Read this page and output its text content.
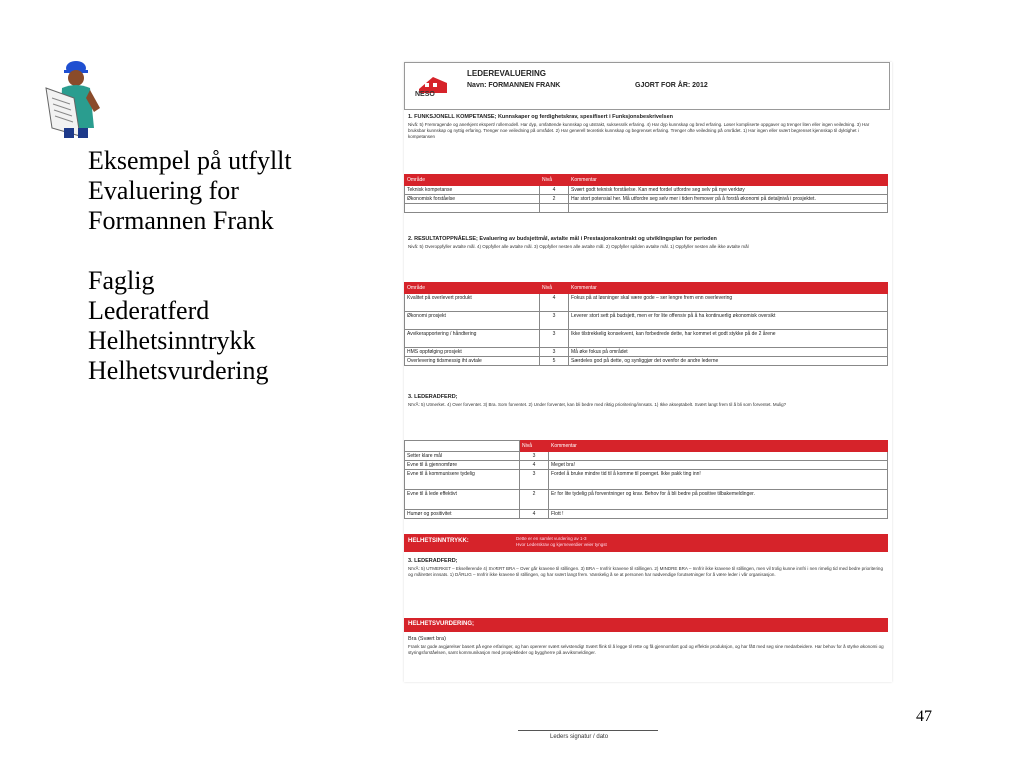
Eksempel på utfyllt
Evaluering for
Formannen Frank
Faglig
Lederatferd
Helhetsinntrykk
Helhetsvurdering
NESO
LEDEREVALUERING
Navn: FORMANNEN FRANK	GJORT FOR ÅR: 2012
1. FUNKSJONELL KOMPETANSE; Kunnskaper og ferdighetskrav, spesifisert i Funksjonsbeskrivelsen
Nivå: 5) Fremragende og anerkjent ekspert/ rollemodell. Har dyp, omfattende kunnskap og utstrakt, suksessrik erfaring. 4) Har dyp kunnskap og bred erfaring. Løser kompliserte oppgaver og trenger liten eller ingen veiledning. 3) Har bruksbar kunnskap og nyttig erfaring. Trenger noe veiledning på området. 2) Har generell teoretisk kunnskap og begrenset erfaring. Trenger ofte veiledning på området. 1) Har ingen eller svært begrenset kjennskap til dyktighet i kompetansen
Område	Nivå	Kommentar
Teknisk kompetanse	4	Svært godt teknisk forståelse. Kan med fordel utfordre seg selv på nye verktøy
Økonomisk forståelse	2	Har stort potensial her. Må utfordre seg selv mer i tiden fremover på å forstå økonomi på detaljnivå i prosjektet.

2. RESULTATOPPNÅELSE; Evaluering av budsjettmål, avtalte mål i Prestasjonskontrakt og utviklingsplan for perioden
Nivå: 5) Overoppfyller avtalte mål. 4) Oppfyller alle avtalte mål. 3) Oppfyller nesten alle avtalte mål. 2) Oppfyller spilden avtalte mål. 1) Oppfyller nesten alle ikke avtalte mål
Område	Nivå	Kommentar
Kvalitet på overlevert produkt	4	Fokus på at løsninger skal være gode – ser lengre frem enn overlevering
Økonomi prosjekt	3	Leverer stort sett på budsjett, men er for lite offensiv på å ha kontinuerlig økonomisk oversikt
Avvikerapportering / håndtering	3	Ikke tilstrekkelig konsekvent, kan forbedrede dette, har kommet et godt stykke på de 2 årene
HMS oppfølging prosjekt	3	Må øke fokus på området
Overlevering tidsmessig iht avtale	5	Særdeles god på dette, og synliggjør det ovenfor de andre lederne
3. LEDERADFERD;
NIVÅ: 5) Utmerket. 4) Over forventet. 3) Bra. Som forventet. 2) Under forventet, kan bli bedre med riktig prioritering/innsats. 1) Ikke akseptabelt. Svært langt frem til å bli som forventet. Mulig?
	Nivå	Kommentar
Setter klare mål	3	
Evne til å gjennomføre	4	Meget bra!
Evne til å kommunisere tydelig	3	Fordel å bruke mindre tid til å komme til poenget. Ikke pakk ting inn!
Evne til å lede effektivt	2	Er for lite tydelig på forventninger og krav. Behov for å bli bedre på positive tilbakemeldinger.
Humør og positivitet	4	Flott !
HELHETSINNTRYKK:	Dette er en samlet vurdering av 1-3
Hvor Lederskrav og kjerneverdier veier tyngst
3. LEDERADFERD;
NIVÅ: 5) UTMERKET – Eksellerende 4) SVÆRT BRA – Over går kravene til stillingen. 3) BRA – Innfrir kravene til stillingen. 2) MINDRE BRA – Innfrir ikke kravene til stillingen, men vil trolig kunne innfri i nen rimelig tid med bedre prioritering og målrettet innsats. 1) DÅRLIG – Innfrir ikke kravene til stillingen, og har svært langt frem. Vanskelig å se at personen har nødvendige forutsetninger for å være leder i vår organisasjon.
HELHETSVURDERING;
Bra (Svært bra)
Frank tar gode avgjørelser basert på egne erfaringer, og han opererer svært selvstendig! Svært flink til å legge til rette og få gjennomført god og effektiv produksjon, og har fått med seg sine medarbeidere. Har behov for å styrke økonomi og styringsforståelsen, samt kommunikasjon med prosjektleder og byggherre på avviksmeldinger.
Leders signatur / dato
47
